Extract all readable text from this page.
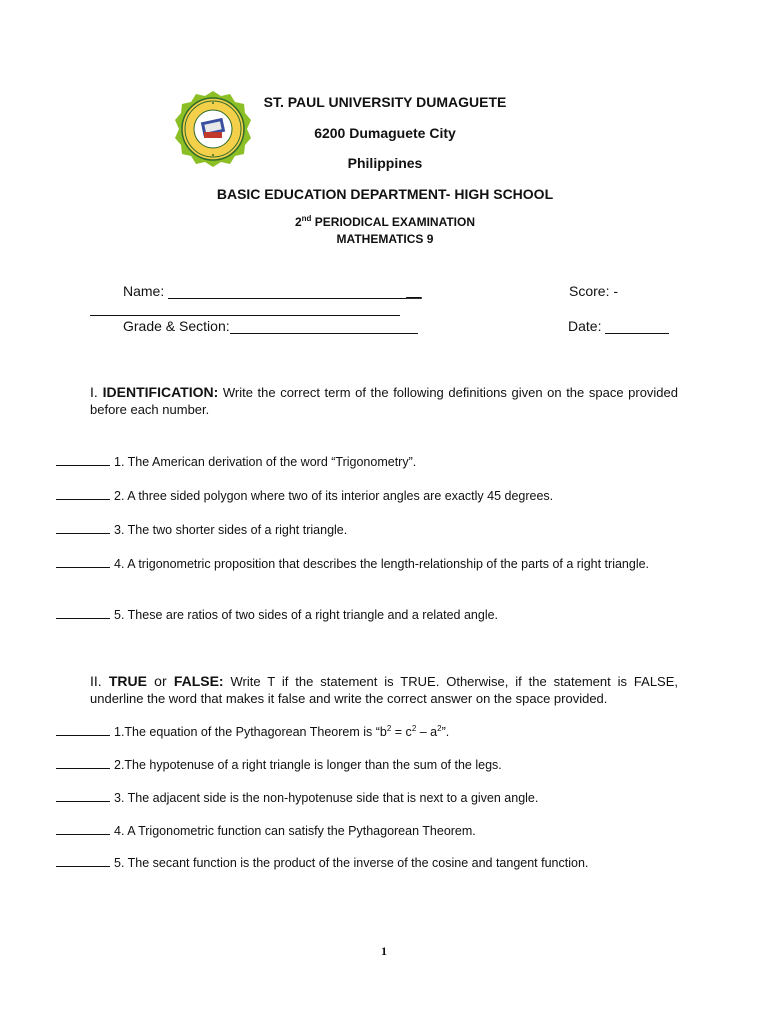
ST. PAUL UNIVERSITY DUMAGUETE
6200 Dumaguete City
Philippines
BASIC EDUCATION DEPARTMENT- HIGH SCHOOL
2nd PERIODICAL EXAMINATION
MATHEMATICS 9
Name:	__	Score: -
Grade & Section:	Date:
I. IDENTIFICATION: Write the correct term of the following definitions given on the space provided before each number.
1. The American derivation of the word “Trigonometry”.
2. A three sided polygon where two of its interior angles are exactly 45 degrees.
3. The two shorter sides of a right triangle.
4. A trigonometric proposition that describes the length-relationship of the parts of a right triangle.
5. These are ratios of two sides of a right triangle and a related angle.
II. TRUE or FALSE: Write T if the statement is TRUE. Otherwise, if the statement is FALSE, underline the word that makes it false and write the correct answer on the space provided.
1.The equation of the Pythagorean Theorem is “$b^2 = c^2 - a^2$”.
2.The hypotenuse of a right triangle is longer than the sum of the legs.
3. The adjacent side is the non-hypotenuse side that is next to a given angle.
4. A Trigonometric function can satisfy the Pythagorean Theorem.
5. The secant function is the product of the inverse of the cosine and tangent function.
1
